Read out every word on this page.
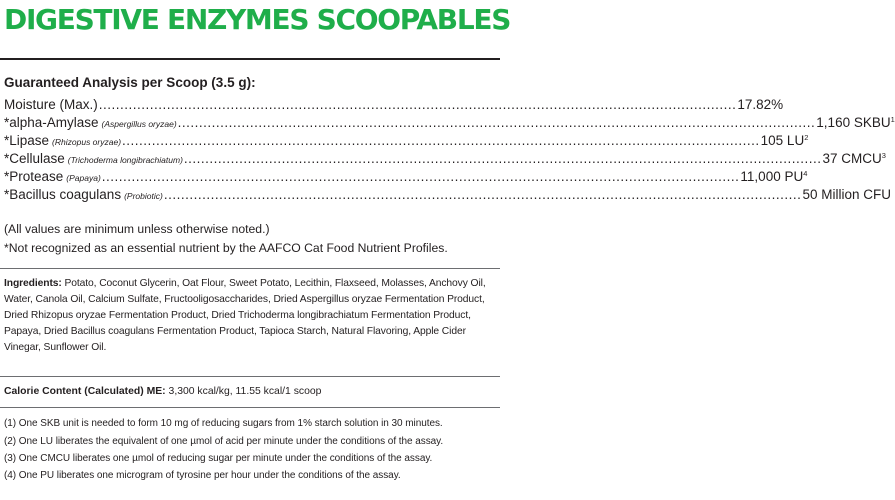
DIGESTIVE ENZYMES SCOOPABLES
Guaranteed Analysis per Scoop (3.5 g):
Moisture (Max.) ...................................................................................................................................................... 17.82%
*alpha-Amylase (Aspergillus oryzae) ...................................................................................................................................................... 1,160 SKBU$^1$
*Lipase (Rhizopus oryzae) ...................................................................................................................................................... 105 $LU^2$
*Cellulase (Trichoderma longibrachiatum) ...................................................................................................................................................... 37 CMCU$^3$
*Protease (Papaya) ...................................................................................................................................................... 11,000 $PU^4$
*Bacillus coagulans (Probiotic) ...................................................................................................................................................... 50 Million CFU
(All values are minimum unless otherwise noted.)
*Not recognized as an essential nutrient by the AAFCO Cat Food Nutrient Profiles.
Ingredients: Potato, Coconut Glycerin, Oat Flour, Sweet Potato, Lecithin, Flaxseed, Molasses, Anchovy Oil, Water, Canola Oil, Calcium Sulfate, Fructooligosaccharides, Dried Aspergillus oryzae Fermentation Product, Dried Rhizopus oryzae Fermentation Product, Dried Trichoderma longibrachiatum Fermentation Product, Papaya, Dried Bacillus coagulans Fermentation Product, Tapioca Starch, Natural Flavoring, Apple Cider Vinegar, Sunflower Oil.
Calorie Content (Calculated) ME: 3,300 kcal/kg, 11.55 kcal/1 scoop
(1) One SKB unit is needed to form 10 mg of reducing sugars from 1% starch solution in 30 minutes.
(2) One LU liberates the equivalent of one µmol of acid per minute under the conditions of the assay.
(3) One CMCU liberates one µmol of reducing sugar per minute under the conditions of the assay.
(4) One PU liberates one microgram of tyrosine per hour under the conditions of the assay.
